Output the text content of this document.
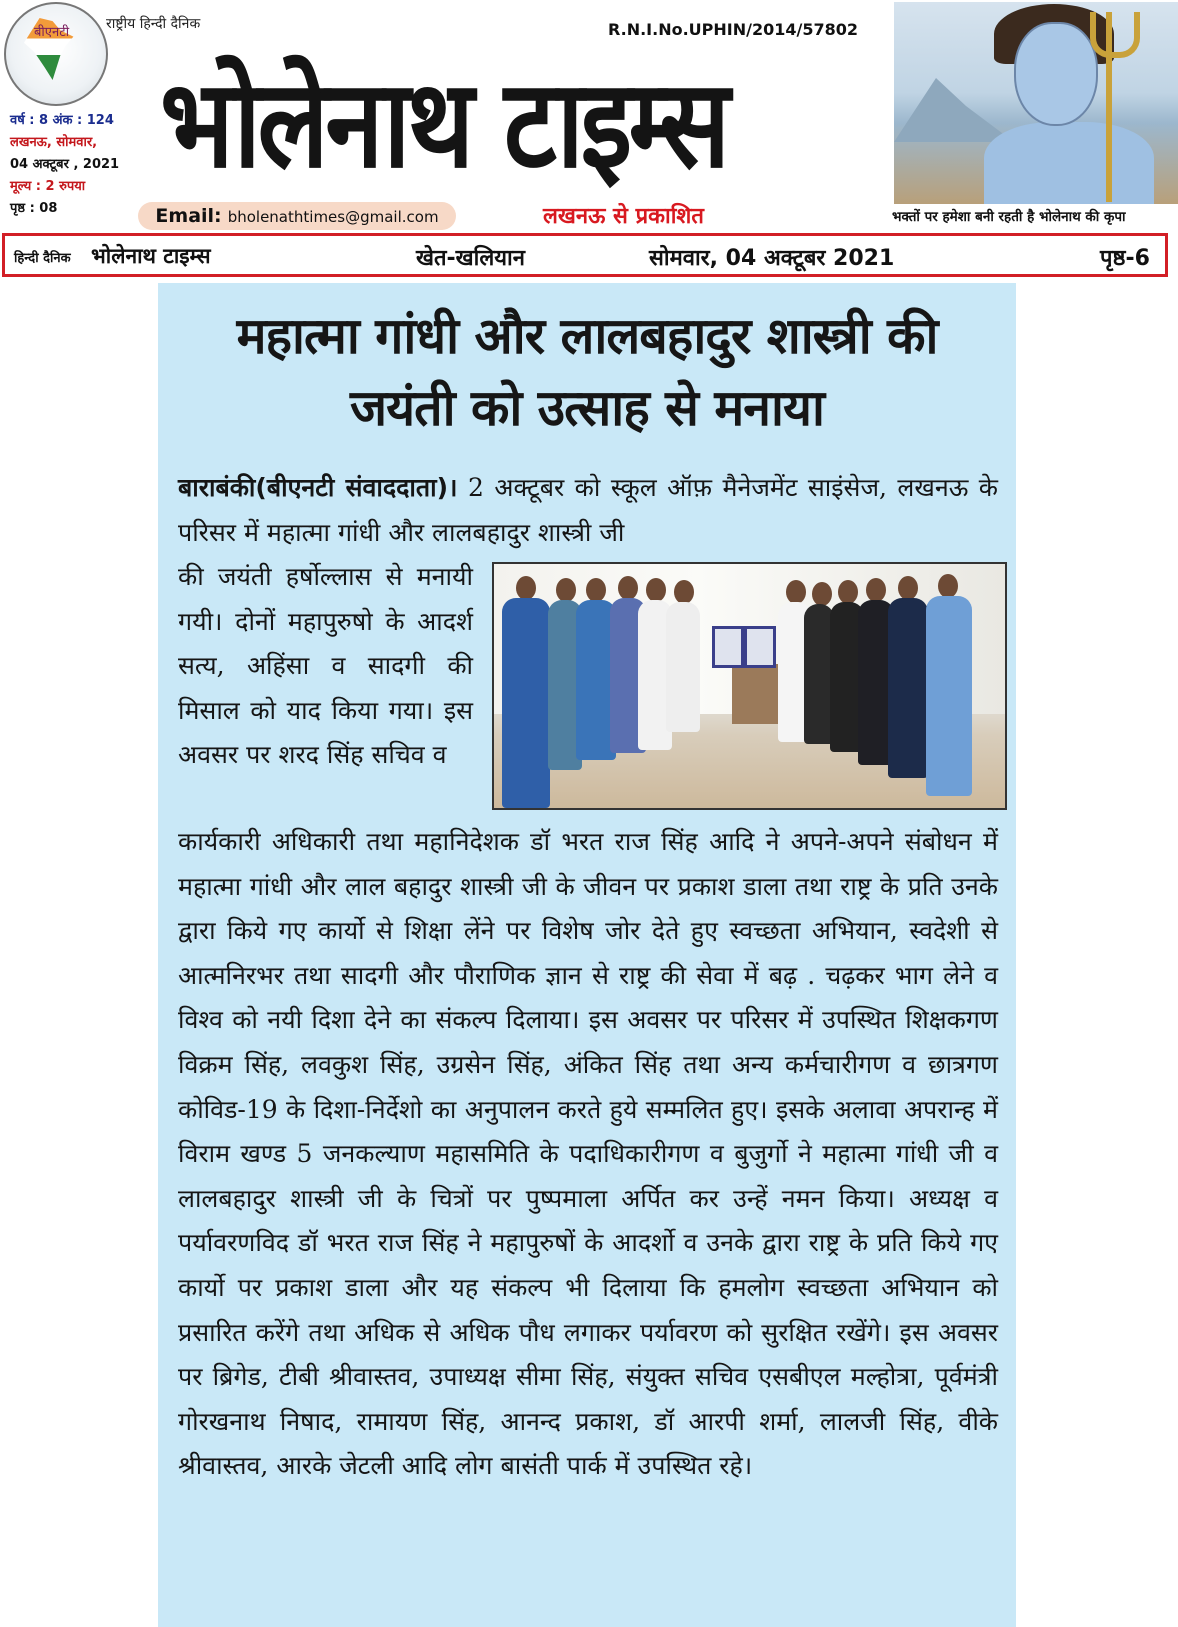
बीएनटी
राष्ट्रीय हिन्दी दैनिक
वर्ष : 8 अंक : 124
लखनऊ, सोमवार,
04 अक्टूबर , 2021
मूल्य : 2 रुपया
पृष्ठ : 08
भोलेनाथ टाइम्स
R.N.I.No.UPHIN/2014/57802
Email: bholenathtimes@gmail.com	लखनऊ से प्रकाशित	भक्तों पर हमेशा बनी रहती है भोलेनाथ की कृपा
हिन्दी दैनिक भोलेनाथ टाइम्स	खेत-खलियान	सोमवार, 04 अक्टूबर 2021	पृष्ठ-6
महात्मा गांधी और लालबहादुर शास्त्री की जयंती को उत्साह से मनाया
बाराबंकी(बीएनटी संवाददाता)। 2 अक्टूबर को स्कूल ऑफ़ मैनेजमेंट साइंसेज, लखनऊ के परिसर में महात्मा गांधी और लालबहादुर शास्त्री जी
की जयंती हर्षोल्लास से मनायी गयी। दोनों महापुरुषो के आदर्श सत्य, अहिंसा व सादगी की मिसाल को याद किया गया। इस अवसर पर शरद सिंह सचिव व
कार्यकारी अधिकारी तथा महानिदेशक डॉ भरत राज सिंह आदि ने अपने-अपने संबोधन में महात्मा गांधी और लाल बहादुर शास्त्री जी के जीवन पर प्रकाश डाला तथा राष्ट्र के प्रति उनके द्वारा किये गए कार्यो से शिक्षा लेंने पर विशेष जोर देते हुए स्वच्छता अभियान, स्वदेशी से आत्मनिरभर तथा सादगी और पौराणिक ज्ञान से राष्ट्र की सेवा में बढ़ . चढ़कर भाग लेने व विश्व को नयी दिशा देने का संकल्प दिलाया। इस अवसर पर परिसर में उपस्थित शिक्षकगण विक्रम सिंह, लवकुश सिंह, उग्रसेन सिंह, अंकित सिंह तथा अन्य कर्मचारीगण व छात्रगण कोविड-19 के दिशा-निर्देशो का अनुपालन करते हुये सम्मलित हुए। इसके अलावा अपरान्ह में विराम खण्ड 5 जनकल्याण महासमिति के पदाधिकारीगण व बुजुर्गो ने महात्मा गांधी जी व लालबहादुर शास्त्री जी के चित्रों पर पुष्पमाला अर्पित कर उन्हें नमन किया। अध्यक्ष व पर्यावरणविद डॉ भरत राज सिंह ने महापुरुषों के आदर्शो व उनके द्वारा राष्ट्र के प्रति किये गए कार्यो पर प्रकाश डाला और यह संकल्प भी दिलाया कि हमलोग स्वच्छता अभियान को प्रसारित करेंगे तथा अधिक से अधिक पौध लगाकर पर्यावरण को सुरक्षित रखेंगे। इस अवसर पर ब्रिगेड, टीबी श्रीवास्तव, उपाध्यक्ष सीमा सिंह, संयुक्त सचिव एसबीएल मल्होत्रा, पूर्वमंत्री गोरखनाथ निषाद, रामायण सिंह, आनन्द प्रकाश, डॉ आरपी शर्मा, लालजी सिंह, वीके श्रीवास्तव, आरके जेटली आदि लोग बासंती पार्क में उपस्थित रहे।
